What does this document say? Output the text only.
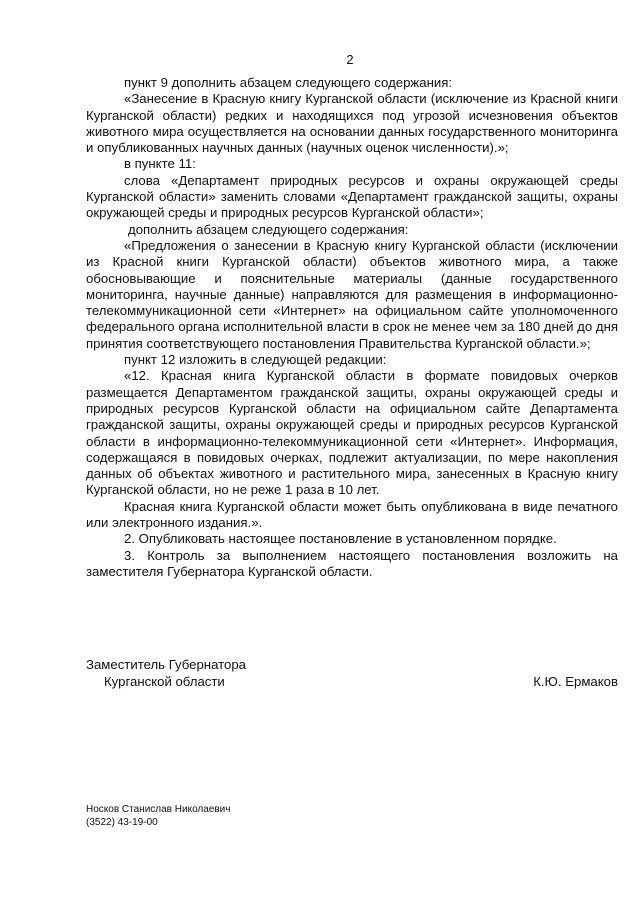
2

пункт 9 дополнить абзацем следующего содержания:

«Занесение в Красную книгу Курганской области (исключение из Красной книги Курганской области) редких и находящихся под угрозой исчезновения объектов животного мира осуществляется на основании данных государственного мониторинга и опубликованных научных данных (научных оценок численности).»;

в пункте 11:

слова «Департамент природных ресурсов и охраны окружающей среды Курганской области» заменить словами «Департамент гражданской защиты, охраны окружающей среды и природных ресурсов Курганской области»;

дополнить абзацем следующего содержания:

«Предложения о занесении в Красную книгу Курганской области (исключении из Красной книги Курганской области) объектов животного мира, а также обосновывающие и пояснительные материалы (данные государственного мониторинга, научные данные) направляются для размещения в информационно-телекоммуникационной сети «Интернет» на официальном сайте уполномоченного федерального органа исполнительной власти в срок не менее чем за 180 дней до дня принятия соответствующего постановления Правительства Курганской области.»;

пункт 12 изложить в следующей редакции:

«12. Красная книга Курганской области в формате повидовых очерков размещается Департаментом гражданской защиты, охраны окружающей среды и природных ресурсов Курганской области на официальном сайте Департамента гражданской защиты, охраны окружающей среды и природных ресурсов Курганской области в информационно-телекоммуникационной сети «Интернет». Информация, содержащаяся в повидовых очерках, подлежит актуализации, по мере накопления данных об объектах животного и растительного мира, занесенных в Красную книгу Курганской области, но не реже 1 раза в 10 лет.

Красная книга Курганской области может быть опубликована в виде печатного или электронного издания.».

2. Опубликовать настоящее постановление в установленном порядке.

3. Контроль за выполнением настоящего постановления возложить на заместителя Губернатора Курганской области.

Заместитель Губернатора
Курганской области	К.Ю. Ермаков
Носков Станислав Николаевич
(3522) 43-19-00
